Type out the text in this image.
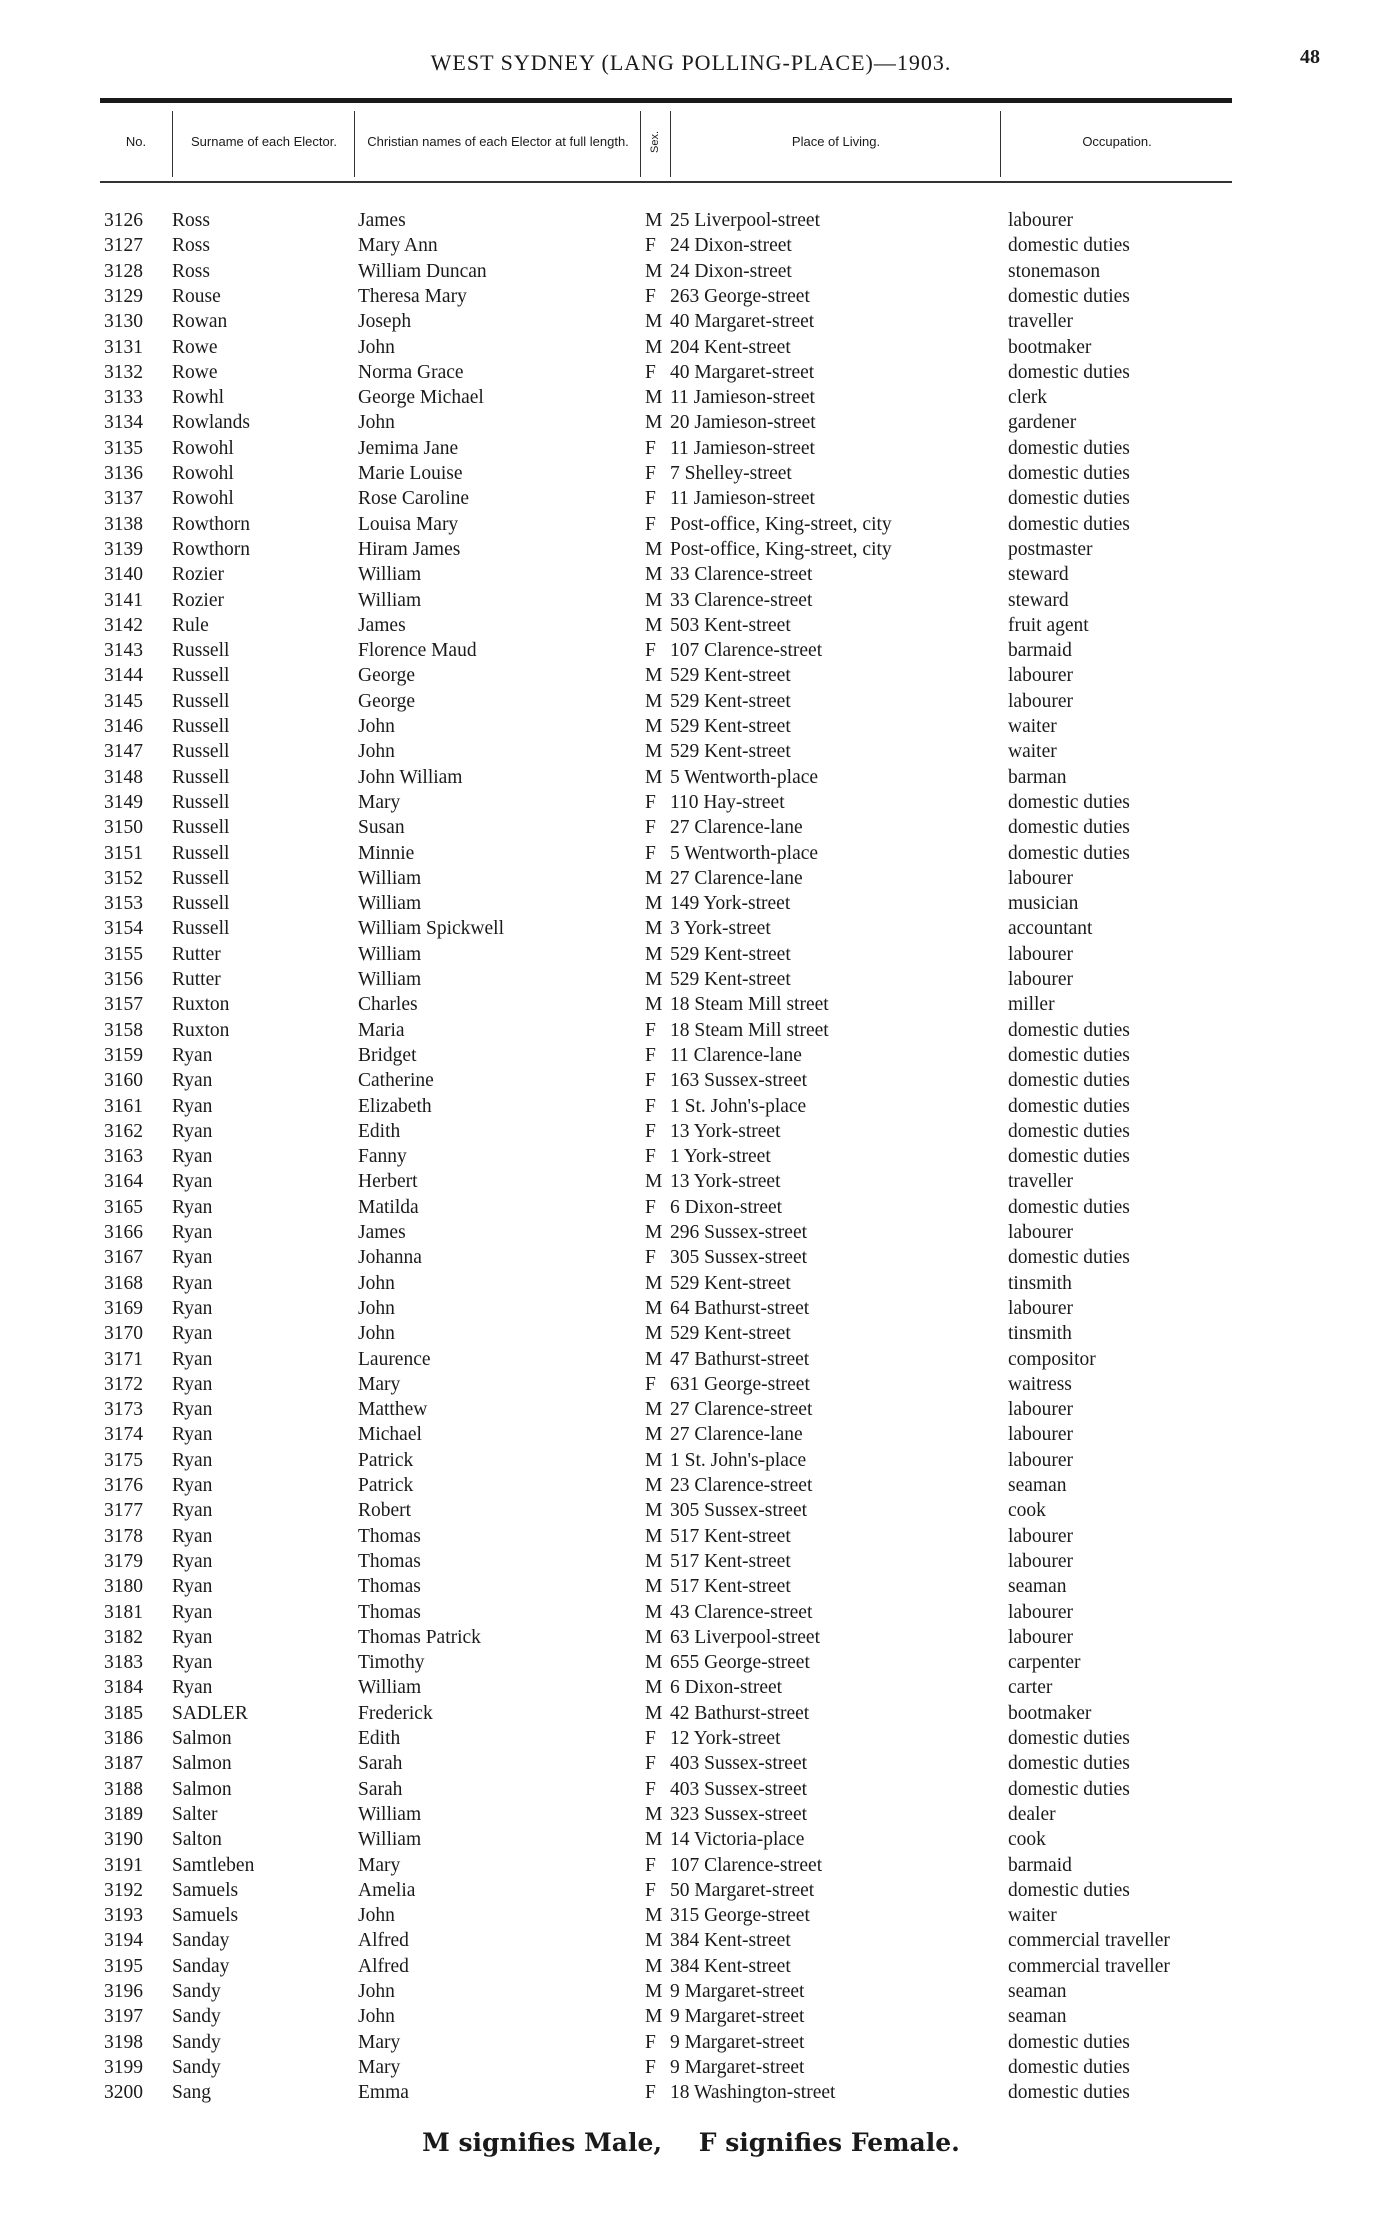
WEST SYDNEY (LANG POLLING-PLACE)—1903.	48
No.	Surname of each Elector.	Christian names of each Elector at full length.	Sex.	Place of Living.	Occupation.
3126 Ross	James	M 25 Liverpool-street	labourer
3127 Ross	Mary Ann	F 24 Dixon-street	domestic duties
3128 Ross	William Duncan	M 24 Dixon-street	stonemason
3129 Rouse	Theresa Mary	F 263 George-street	domestic duties
3130 Rowan	Joseph	M 40 Margaret-street	traveller
3131 Rowe	John	M 204 Kent-street	bootmaker
3132 Rowe	Norma Grace	F 40 Margaret-street	domestic duties
3133 Rowhl	George Michael	M 11 Jamieson-street	clerk
3134 Rowlands	John	M 20 Jamieson-street	gardener
3135 Rowohl	Jemima Jane	F 11 Jamieson-street	domestic duties
3136 Rowohl	Marie Louise	F 7 Shelley-street	domestic duties
3137 Rowohl	Rose Caroline	F 11 Jamieson-street	domestic duties
3138 Rowthorn	Louisa Mary	F Post-office, King-street, city	domestic duties
3139 Rowthorn	Hiram James	M Post-office, King-street, city	postmaster
3140 Rozier	William	M 33 Clarence-street	steward
3141 Rozier	William	M 33 Clarence-street	steward
3142 Rule	James	M 503 Kent-street	fruit agent
3143 Russell	Florence Maud	F 107 Clarence-street	barmaid
3144 Russell	George	M 529 Kent-street	labourer
3145 Russell	George	M 529 Kent-street	labourer
3146 Russell	John	M 529 Kent-street	waiter
3147 Russell	John	M 529 Kent-street	waiter
3148 Russell	John William	M 5 Wentworth-place	barman
3149 Russell	Mary	F 110 Hay-street	domestic duties
3150 Russell	Susan	F 27 Clarence-lane	domestic duties
3151 Russell	Minnie	F 5 Wentworth-place	domestic duties
3152 Russell	William	M 27 Clarence-lane	labourer
3153 Russell	William	M 149 York-street	musician
3154 Russell	William Spickwell	M 3 York-street	accountant
3155 Rutter	William	M 529 Kent-street	labourer
3156 Rutter	William	M 529 Kent-street	labourer
3157 Ruxton	Charles	M 18 Steam Mill street	miller
3158 Ruxton	Maria	F 18 Steam Mill street	domestic duties
3159 Ryan	Bridget	F 11 Clarence-lane	domestic duties
3160 Ryan	Catherine	F 163 Sussex-street	domestic duties
3161 Ryan	Elizabeth	F 1 St. John's-place	domestic duties
3162 Ryan	Edith	F 13 York-street	domestic duties
3163 Ryan	Fanny	F 1 York-street	domestic duties
3164 Ryan	Herbert	M 13 York-street	traveller
3165 Ryan	Matilda	F 6 Dixon-street	domestic duties
3166 Ryan	James	M 296 Sussex-street	labourer
3167 Ryan	Johanna	F 305 Sussex-street	domestic duties
3168 Ryan	John	M 529 Kent-street	tinsmith
3169 Ryan	John	M 64 Bathurst-street	labourer
3170 Ryan	John	M 529 Kent-street	tinsmith
3171 Ryan	Laurence	M 47 Bathurst-street	compositor
3172 Ryan	Mary	F 631 George-street	waitress
3173 Ryan	Matthew	M 27 Clarence-street	labourer
3174 Ryan	Michael	M 27 Clarence-lane	labourer
3175 Ryan	Patrick	M 1 St. John's-place	labourer
3176 Ryan	Patrick	M 23 Clarence-street	seaman
3177 Ryan	Robert	M 305 Sussex-street	cook
3178 Ryan	Thomas	M 517 Kent-street	labourer
3179 Ryan	Thomas	M 517 Kent-street	labourer
3180 Ryan	Thomas	M 517 Kent-street	seaman
3181 Ryan	Thomas	M 43 Clarence-street	labourer
3182 Ryan	Thomas Patrick	M 63 Liverpool-street	labourer
3183 Ryan	Timothy	M 655 George-street	carpenter
3184 Ryan	William	M 6 Dixon-street	carter
3185 SADLER	Frederick	M 42 Bathurst-street	bootmaker
3186 Salmon	Edith	F 12 York-street	domestic duties
3187 Salmon	Sarah	F 403 Sussex-street	domestic duties
3188 Salmon	Sarah	F 403 Sussex-street	domestic duties
3189 Salter	William	M 323 Sussex-street	dealer
3190 Salton	William	M 14 Victoria-place	cook
3191 Samtleben	Mary	F 107 Clarence-street	barmaid
3192 Samuels	Amelia	F 50 Margaret-street	domestic duties
3193 Samuels	John	M 315 George-street	waiter
3194 Sanday	Alfred	M 384 Kent-street	commercial traveller
3195 Sanday	Alfred	M 384 Kent-street	commercial traveller
3196 Sandy	John	M 9 Margaret-street	seaman
3197 Sandy	John	M 9 Margaret-street	seaman
3198 Sandy	Mary	F 9 Margaret-street	domestic duties
3199 Sandy	Mary	F 9 Margaret-street	domestic duties
3200 Sang	Emma	F 18 Washington-street	domestic duties
M signifies Male, F signifies Female.
